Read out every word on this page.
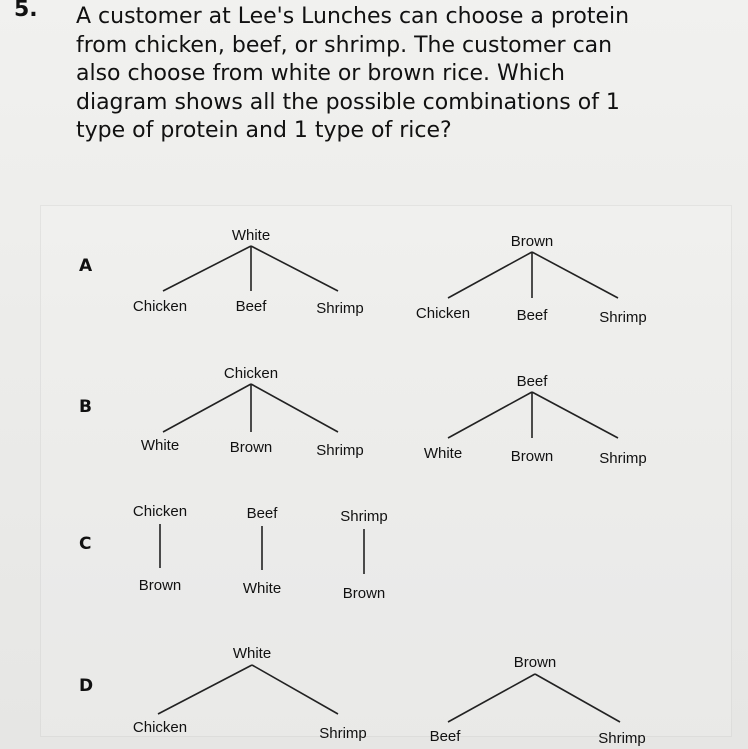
5. A customer at Lee's Lunches can choose a protein
from chicken, beef, or shrimp. The customer can
also choose from white or brown rice. Which
diagram shows all the possible combinations of 1
type of protein and 1 type of rice?
A
B
C
D
White
Chicken	Beef	Shrimp
Brown
Chicken	Beef	Shrimp
Chicken
White	Brown	Shrimp
Beef
White	Brown	Shrimp
Chicken
Brown
Beef
White
Shrimp
Brown
White
Chicken	Shrimp
Brown
Beef	Shrimp
